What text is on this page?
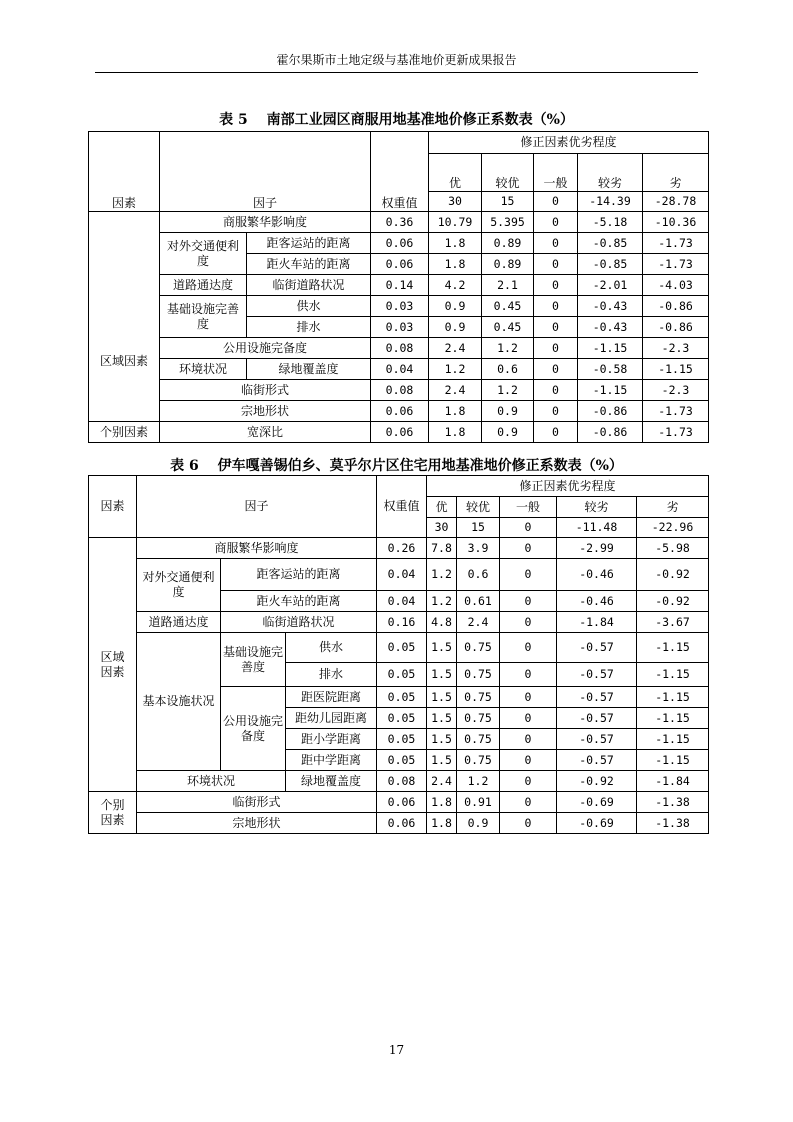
霍尔果斯市土地定级与基准地价更新成果报告
表 5　 南部工业园区商服用地基准地价修正系数表（%）
因素	因子		权重值	修正因素优劣程度				
				优	较优	一般	较劣	劣
				30	15	0	-14.39	-28.78
区域因素	商服繁华影响度		0.36	10.79	5.395	0	-5.18	-10.36
	对外交通便利度	距客运站的距离	0.06	1.8	0.89	0	-0.85	-1.73
		距火车站的距离	0.06	1.8	0.89	0	-0.85	-1.73
	道路通达度	临街道路状况	0.14	4.2	2.1	0	-2.01	-4.03
	基础设施完善度	供水	0.03	0.9	0.45	0	-0.43	-0.86
		排水	0.03	0.9	0.45	0	-0.43	-0.86
	公用设施完备度		0.08	2.4	1.2	0	-1.15	-2.3
	环境状况	绿地覆盖度	0.04	1.2	0.6	0	-0.58	-1.15
	临街形式		0.08	2.4	1.2	0	-1.15	-2.3
	宗地形状		0.06	1.8	0.9	0	-0.86	-1.73
个别因素	宽深比		0.06	1.8	0.9	0	-0.86	-1.73
表 6　 伊车嘎善锡伯乡、莫乎尔片区住宅用地基准地价修正系数表（%）
因素	因子			权重值	修正因素优劣程度				
					优	较优	一般	较劣	劣
					30	15	0	-11.48	-22.96
区域因素	商服繁华影响度			0.26	7.8	3.9	0	-2.99	-5.98
	对外交通便利度	距客运站的距离		0.04	1.2	0.6	0	-0.46	-0.92
		距火车站的距离		0.04	1.2	0.61	0	-0.46	-0.92
	道路通达度	临街道路状况		0.16	4.8	2.4	0	-1.84	-3.67
	基本设施状况	基础设施完善度	供水	0.05	1.5	0.75	0	-0.57	-1.15
			排水	0.05	1.5	0.75	0	-0.57	-1.15
		公用设施完备度	距医院距离	0.05	1.5	0.75	0	-0.57	-1.15
			距幼儿园距离	0.05	1.5	0.75	0	-0.57	-1.15
			距小学距离	0.05	1.5	0.75	0	-0.57	-1.15
			距中学距离	0.05	1.5	0.75	0	-0.57	-1.15
	环境状况		绿地覆盖度	0.08	2.4	1.2	0	-0.92	-1.84
个别因素	临街形式			0.06	1.8	0.91	0	-0.69	-1.38
	宗地形状			0.06	1.8	0.9	0	-0.69	-1.38
17
